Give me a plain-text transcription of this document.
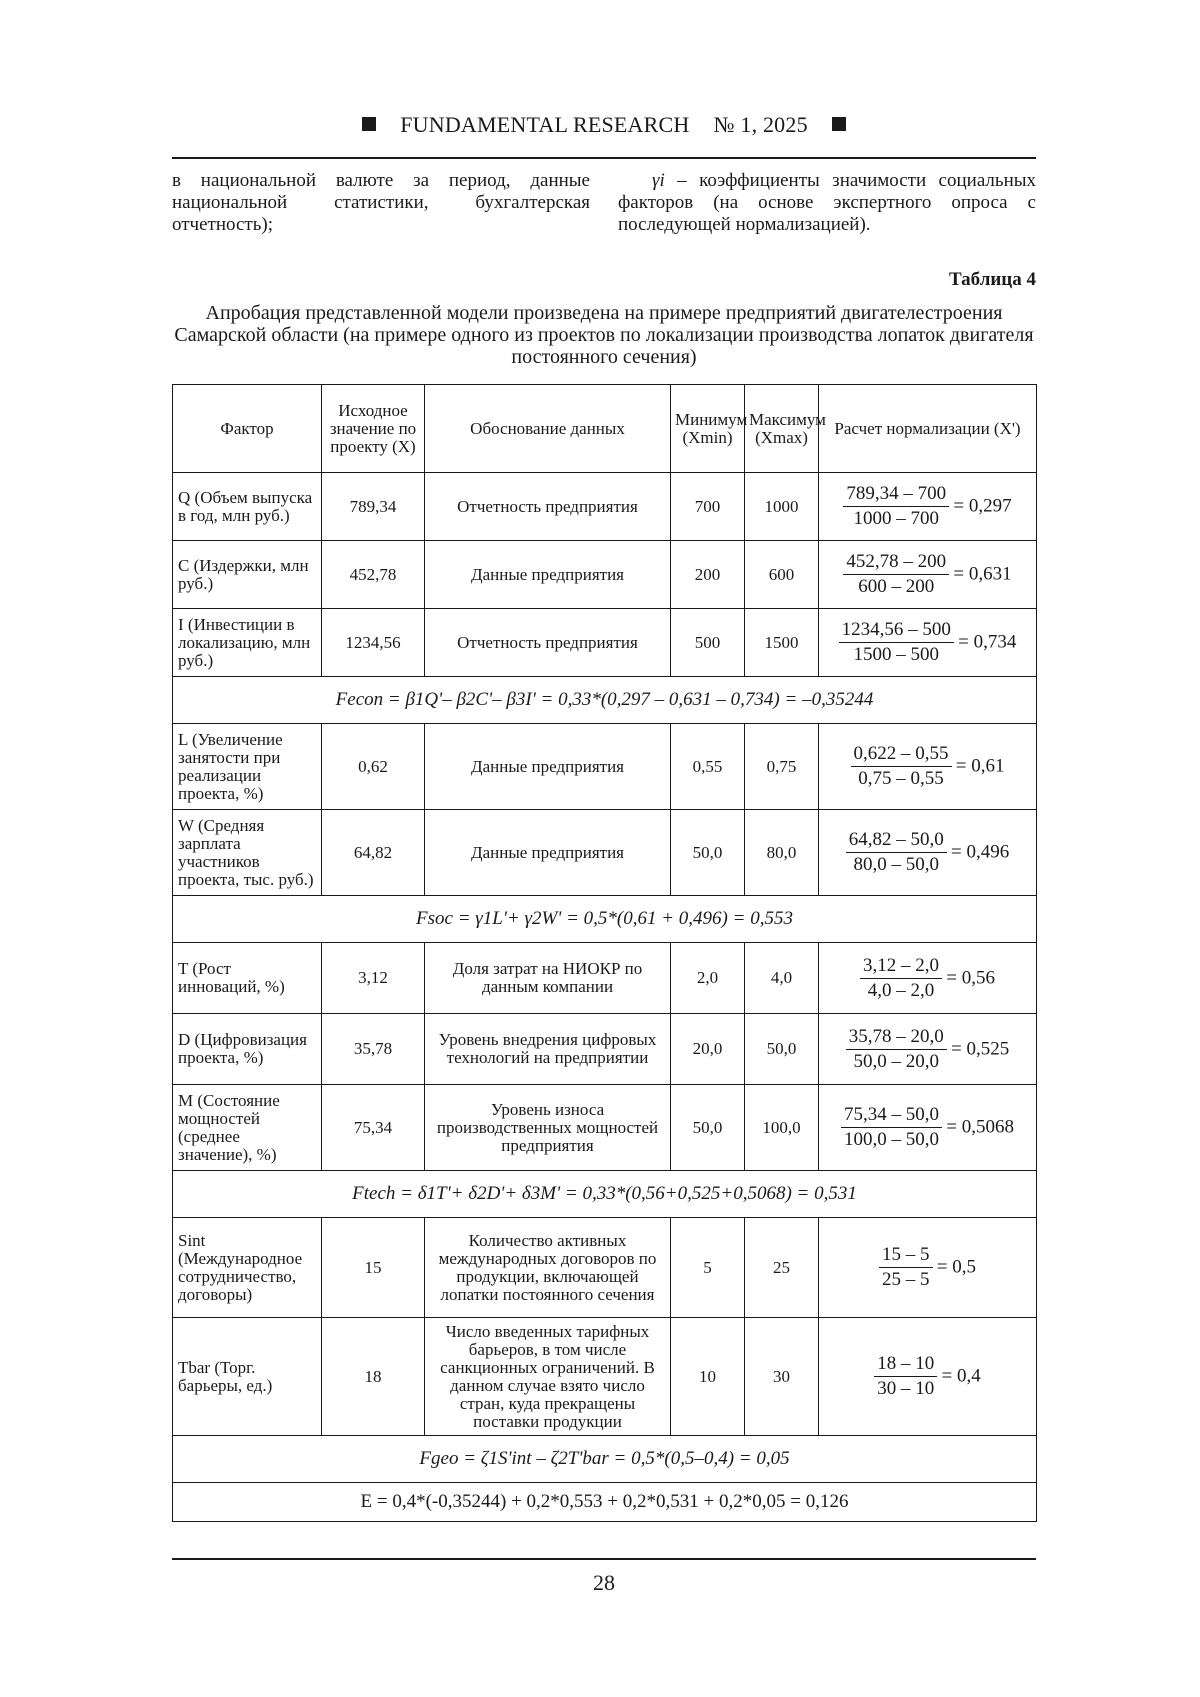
FUNDAMENTAL RESEARCH № 1, 2025
в национальной валюте за период, данные национальной статистики, бухгалтерская отчетность);
γi – коэффициенты значимости социальных факторов (на основе экспертного опроса с последующей нормализацией).
Таблица 4
Апробация представленной модели произведена на примере предприятий двигателестроения Самарской области (на примере одного из проектов по локализации производства лопаток двигателя постоянного сечения)
Фактор	Исходное значение по проекту (X)	Обоснование данных	Минимум (Xmin)	Максимум (Xmax)	Расчет нормализации (X')
Q (Объем выпуска в год, млн руб.)	789,34	Отчетность предприятия	700	1000	$\frac{789,34 - 700}{1000 - 700} = 0,297$
C (Издержки, млн руб.)	452,78	Данные предприятия	200	600	$\frac{452,78 - 200}{600 - 200} = 0,631$
I (Инвестиции в локализацию, млн руб.)	1234,56	Отчетность предприятия	500	1500	$\frac{1234,56 - 500}{1500 - 500} = 0,734$
Fecon = β1Q'– β2C'– β3I' = 0,33*(0,297 – 0,631 – 0,734) = –0,35244					
L (Увеличение занятости при реализации проекта, %)	0,62	Данные предприятия	0,55	0,75	$\frac{0,622 - 0,55}{0,75 - 0,55} = 0,61$
W (Средняя зарплата участников проекта, тыс. руб.)	64,82	Данные предприятия	50,0	80,0	$\frac{64,82 - 50,0}{80,0 - 50,0} = 0,496$
Fsoc = γ1L'+ γ2W' = 0,5*(0,61 + 0,496) = 0,553					
T (Рост инноваций, %)	3,12	Доля затрат на НИОКР по данным компании	2,0	4,0	$\frac{3,12 - 2,0}{4,0 - 2,0} = 0,56$
D (Цифровизация проекта, %)	35,78	Уровень внедрения цифровых технологий на предприятии	20,0	50,0	$\frac{35,78 - 20,0}{50,0 - 20,0} = 0,525$
M (Состояние мощностей (среднее значение), %)	75,34	Уровень износа производственных мощностей предприятия	50,0	100,0	$\frac{75,34 - 50,0}{100,0 - 50,0} = 0,5068$
Ftech = δ1T'+ δ2D'+ δ3M' = 0,33*(0,56+0,525+0,5068) = 0,531					
Sint (Международное сотрудничество, договоры)	15	Количество активных международных договоров по продукции, включающей лопатки постоянного сечения	5	25	$\frac{15 - 5}{25 - 5} = 0,5$
Tbar (Торг. барьеры, ед.)	18	Число введенных тарифных барьеров, в том числе санкционных ограничений. В данном случае взято число стран, куда прекращены поставки продукции	10	30	$\frac{18 - 10}{30 - 10} = 0,4$
Fgeo = ζ1S'int – ζ2T'bar = 0,5*(0,5–0,4) = 0,05					
E = 0,4*(-0,35244) + 0,2*0,553 + 0,2*0,531 + 0,2*0,05 = 0,126					
28
